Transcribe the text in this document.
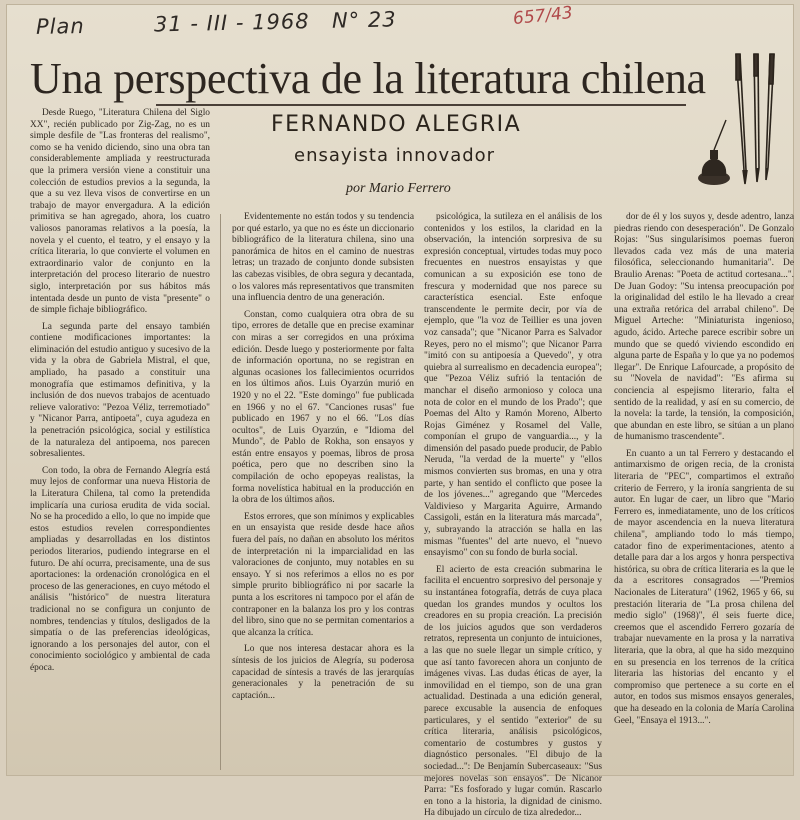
Plan	31 - III - 1968 N° 23	657/43
Una perspectiva de la literatura chilena
FERNANDO ALEGRIA
ensayista innovador
por Mario Ferrero

Desde Ruego, "Literatura Chilena del Siglo XX", recién publicado por Zig-Zag, no es un simple desfile de "Las fronteras del realismo", como se ha venido diciendo, sino una obra tan considerablemente ampliada y reestructurada que la primera versión viene a constituir una colección de estudios previos a la segunda, la que a su vez lleva visos de convertirse en un trabajo de mayor envergadura. A la edición primitiva se han agregado, ahora, los cuatro valiosos panoramas relativos a la poesía, la novela y el cuento, el teatro, y el ensayo y la crítica literaria, lo que convierte el volumen en extraordinario valor de conjunto en la interpretación del proceso literario de nuestro siglo, interpretación por sus hábitos más intentada desde un punto de vista "presente" o de simple fichaje bibliográfico.

La segunda parte del ensayo también contiene modificaciones importantes: la eliminación del estudio antiguo y sucesivo de la vida y la obra de Gabriela Mistral, el que, ampliado, ha pasado a constituir una monografía que estimamos definitiva, y la inclusión de dos nuevos trabajos de acentuado relieve valorativo: "Pezoa Véliz, terremotiado" y "Nicanor Parra, antipoeta", cuya agudeza en la penetración psicológica, social y estilística de la naturaleza del antipoema, nos parecen sobresalientes.

Con todo, la obra de Fernando Alegría está muy lejos de conformar una nueva Historia de la Literatura Chilena, tal como la pretendida implicaría una curiosa erudita de vida social. No se ha procedido a ello, lo que no impide que estos estudios revelen correspondientes ampliadas y desarrolladas en los distintos periodos literarios, pudiendo integrarse en el futuro. De ahí ocurra, precisamente, una de sus aportaciones: la ordenación cronológica en el proceso de las generaciones, en cuyo método el análisis "histórico" de nuestra literatura tradicional no se configura un conjunto de nombres, tendencias y títulos, desligados de la simpatía o de las preferencias ideológicas, ignorando a los personajes del autor, con el conocimiento sociológico y ambiental de cada época.

Evidentemente no están todos y su tendencia por qué estarlo, ya que no es éste un diccionario bibliográfico de la literatura chilena, sino una panorámica de hitos en el camino de nuestras letras; un trazado de conjunto donde subsisten las cabezas visibles, de obra segura y decantada, o los valores más representativos que transmiten una influencia dentro de una generación.

Constan, como cualquiera otra obra de su tipo, errores de detalle que en precise examinar con miras a ser corregidos en una próxima edición. Desde luego y posteriormente por falta de información oportuna, no se registran en algunas ocasiones los fallecimientos ocurridos en los últimos años. Luis Oyarzún murió en 1920 y no el 22. "Este domingo" fue publicada en 1966 y no el 67. "Canciones rusas" fue publicado en 1967 y no el 66. "Los días ocultos", de Luis Oyarzún, e "Idioma del Mundo", de Pablo de Rokha, son ensayos y están entre ensayos y poemas, libros de prosa poética, pero que no describen sino la compilación de ocho epopeyas realistas, la forma novelística habitual en la producción en la obra de los últimos años.

Estos errores, que son mínimos y explicables en un ensayista que reside desde hace años fuera del país, no dañan en absoluto los méritos de interpretación ni la imparcialidad en las valoraciones de conjunto, muy notables en su ensayo. Y si nos referimos a ellos no es por simple prurito bibliográfico ni por sacarle la punta a los escritores ni tampoco por el afán de contraponer en la balanza los pro y los contras del libro, sino que no se permitan comentarios a que alcanza la crítica.

Lo que nos interesa destacar ahora es la síntesis de los juicios de Alegría, su poderosa capacidad de síntesis a través de las jerarquías generacionales y la penetración de su captación...

psicológica, la sutileza en el análisis de los contenidos y los estilos, la claridad en la observación, la intención sorpresiva de su expresión conceptual, virtudes todas muy poco frecuentes en nuestros ensayistas y que comunican a su exposición ese tono de frescura y modernidad que nos parece su característica esencial. Este enfoque transcendente le permite decir, por vía de ejemplo, que "la voz de Teillier es una joven voz cansada"; que "Nicanor Parra es Salvador Reyes, pero no el mismo"; que Nicanor Parra "imitó con su antipoesía a Quevedo", y otra quiebra al surrealismo en decadencia europea"; que "Pezoa Véliz sufrió la tentación de manchar el diseño armonioso y coloca una nota de color en el mundo de los Prado"; que Poemas del Alto y Ramón Moreno, Alberto Rojas Giménez y Rosamel del Valle, componían el grupo de vanguardia..., y la dimensión del pasado puede producir, de Pablo Neruda, "la verdad de la muerte" y "ellos mismos convierten sus bromas, en una y otra parte, y han sentido el conflicto que posee la de los jóvenes..." agregando que "Mercedes Valdivieso y Margarita Aguirre, Armando Cassigoli, están en la literatura más marcada", y, subrayando la atracción se halla en las mismas "fuentes" del arte nuevo, el "nuevo ensayismo" con su fondo de burla social.

El acierto de esta creación submarina le facilita el encuentro sorpresivo del personaje y su instantánea fotografía, detrás de cuya placa quedan los grandes mundos y ocultos los creadores en su propia creación. La precisión de los juicios agudos que son verdaderos retratos, representa un conjunto de intuiciones, a las que no suele llegar un simple crítico, y que así tanto favorecen ahora un conjunto de imágenes vivas. Las dudas éticas de ayer, la inmovilidad en el tiempo, son de una gran actualidad. Destinada a una edición general, parece excusable la ausencia de enfoques particulares, y el sentido "exterior" de su crítica literaria, análisis psicológicos, comentario de costumbres y gustos y diagnóstico personales. "El dibujo de la sociedad...": De Benjamín Subercaseaux: "Sus mejores novelas son ensayos". De Nicanor Parra: "Es fosforado y lugar común. Rascarlo en tono a la historia, la dignidad de cinismo. Ha dibujado un círculo de tiza alrededor...

dor de él y los suyos y, desde adentro, lanza piedras riendo con desesperación". De Gonzalo Rojas: "Sus singularísimos poemas fueron llevados cada vez más de una materia filosófica, seleccionando humanitaria". De Braulio Arenas: "Poeta de actitud cortesana...". De Juan Godoy: "Su intensa preocupación por la originalidad del estilo le ha llevado a crear una extraña retórica del arrabal chileno". De Miguel Arteche: "Miniaturista ingenioso, agudo, ácido. Arteche parece escribir sobre un mundo que se quedó viviendo escondido en alguna parte de España y lo que ya no podemos llegar". De Enrique Lafourcade, a propósito de su "Novela de navidad": "Es afirma su conciencia al espejismo literario, falta el sentido de la realidad, y así en su comercio, de la novela: la tarde, la tensión, la composición, que abundan en este libro, se sitúan a un plano de humanismo trascendente".

En cuanto a un tal Ferrero y destacando el antimarxismo de origen recia, de la cronista literaria de "PEC", compartimos el extraño criterio de Ferrero, y la ironía sangrienta de su autor. En lugar de caer, un libro que "Mario Ferrero es, inmediatamente, uno de los críticos de mayor ascendencia en la nueva literatura chilena", ampliando todo lo más tiempo, catador fino de experimentaciones, atento a detalle para dar a los argos y honra perspectiva histórica, su obra de crítica literaria es la que le da a escritores consagrados —"Premios Nacionales de Literatura" (1962, 1965 y 66, su prestación literaria de "La prosa chilena del medio siglo" (1968)", él seis fuerte dice, creemos que el ascendido Ferrero gozaría de trabajar nuevamente en la prosa y la narrativa literaria, que la obra, al que ha sido mezquino en su presencia en los terrenos de la crítica literaria las historias del encanto y el compromiso que pertenece a su corte en el autor, en todos sus mismos ensayos generales, que ha deseado en la colonia de María Carolina Geel, "Ensaya el 1913...".
